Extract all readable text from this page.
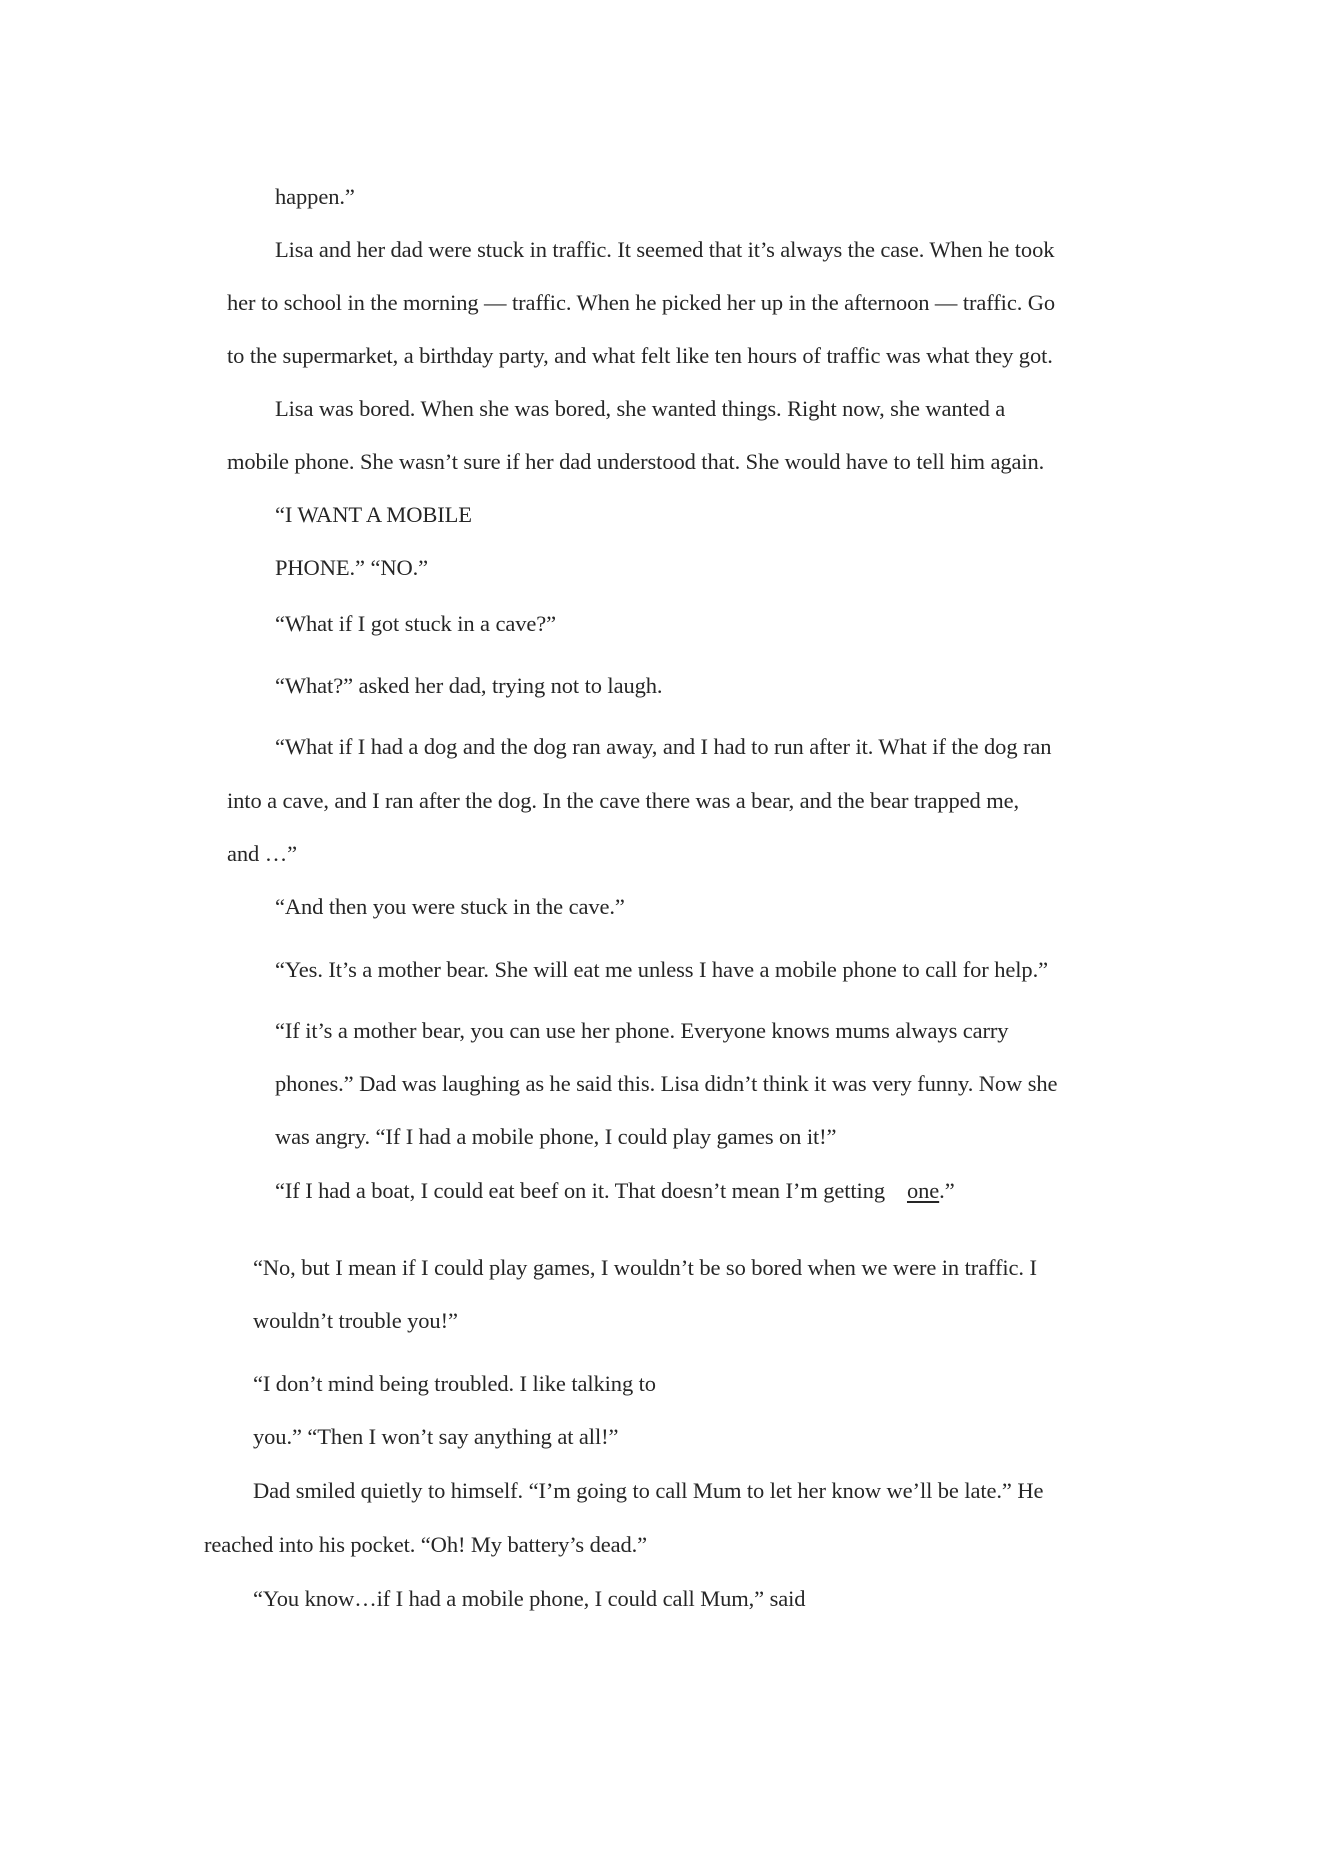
happen.”

Lisa and her dad were stuck in traffic. It seemed that it’s always the case. When he took

her to school in the morning — traffic. When he picked her up in the afternoon — traffic. Go

to the supermarket, a birthday party, and what felt like ten hours of traffic was what they got.

Lisa was bored. When she was bored, she wanted things. Right now, she wanted a

mobile phone. She wasn’t sure if her dad understood that. She would have to tell him again.

“I WANT A MOBILE

PHONE.” “NO.”

“What if I got stuck in a cave?”

“What?” asked her dad, trying not to laugh.

“What if I had a dog and the dog ran away, and I had to run after it. What if the dog ran

into a cave, and I ran after the dog. In the cave there was a bear, and the bear trapped me,

and …”

“And then you were stuck in the cave.”

“Yes. It’s a mother bear. She will eat me unless I have a mobile phone to call for help.”

“If it’s a mother bear, you can use her phone. Everyone knows mums always carry

phones.” Dad was laughing as he said this. Lisa didn’t think it was very funny. Now she

was angry. “If I had a mobile phone, I could play games on it!”

“If I had a boat, I could eat beef on it. That doesn’t mean I’m getting one.”

“No, but I mean if I could play games, I wouldn’t be so bored when we were in traffic. I

wouldn’t trouble you!”

“I don’t mind being troubled. I like talking to

you.” “Then I won’t say anything at all!”

Dad smiled quietly to himself. “I’m going to call Mum to let her know we’ll be late.” He

reached into his pocket. “Oh! My battery’s dead.”

“You know…if I had a mobile phone, I could call Mum,” said
